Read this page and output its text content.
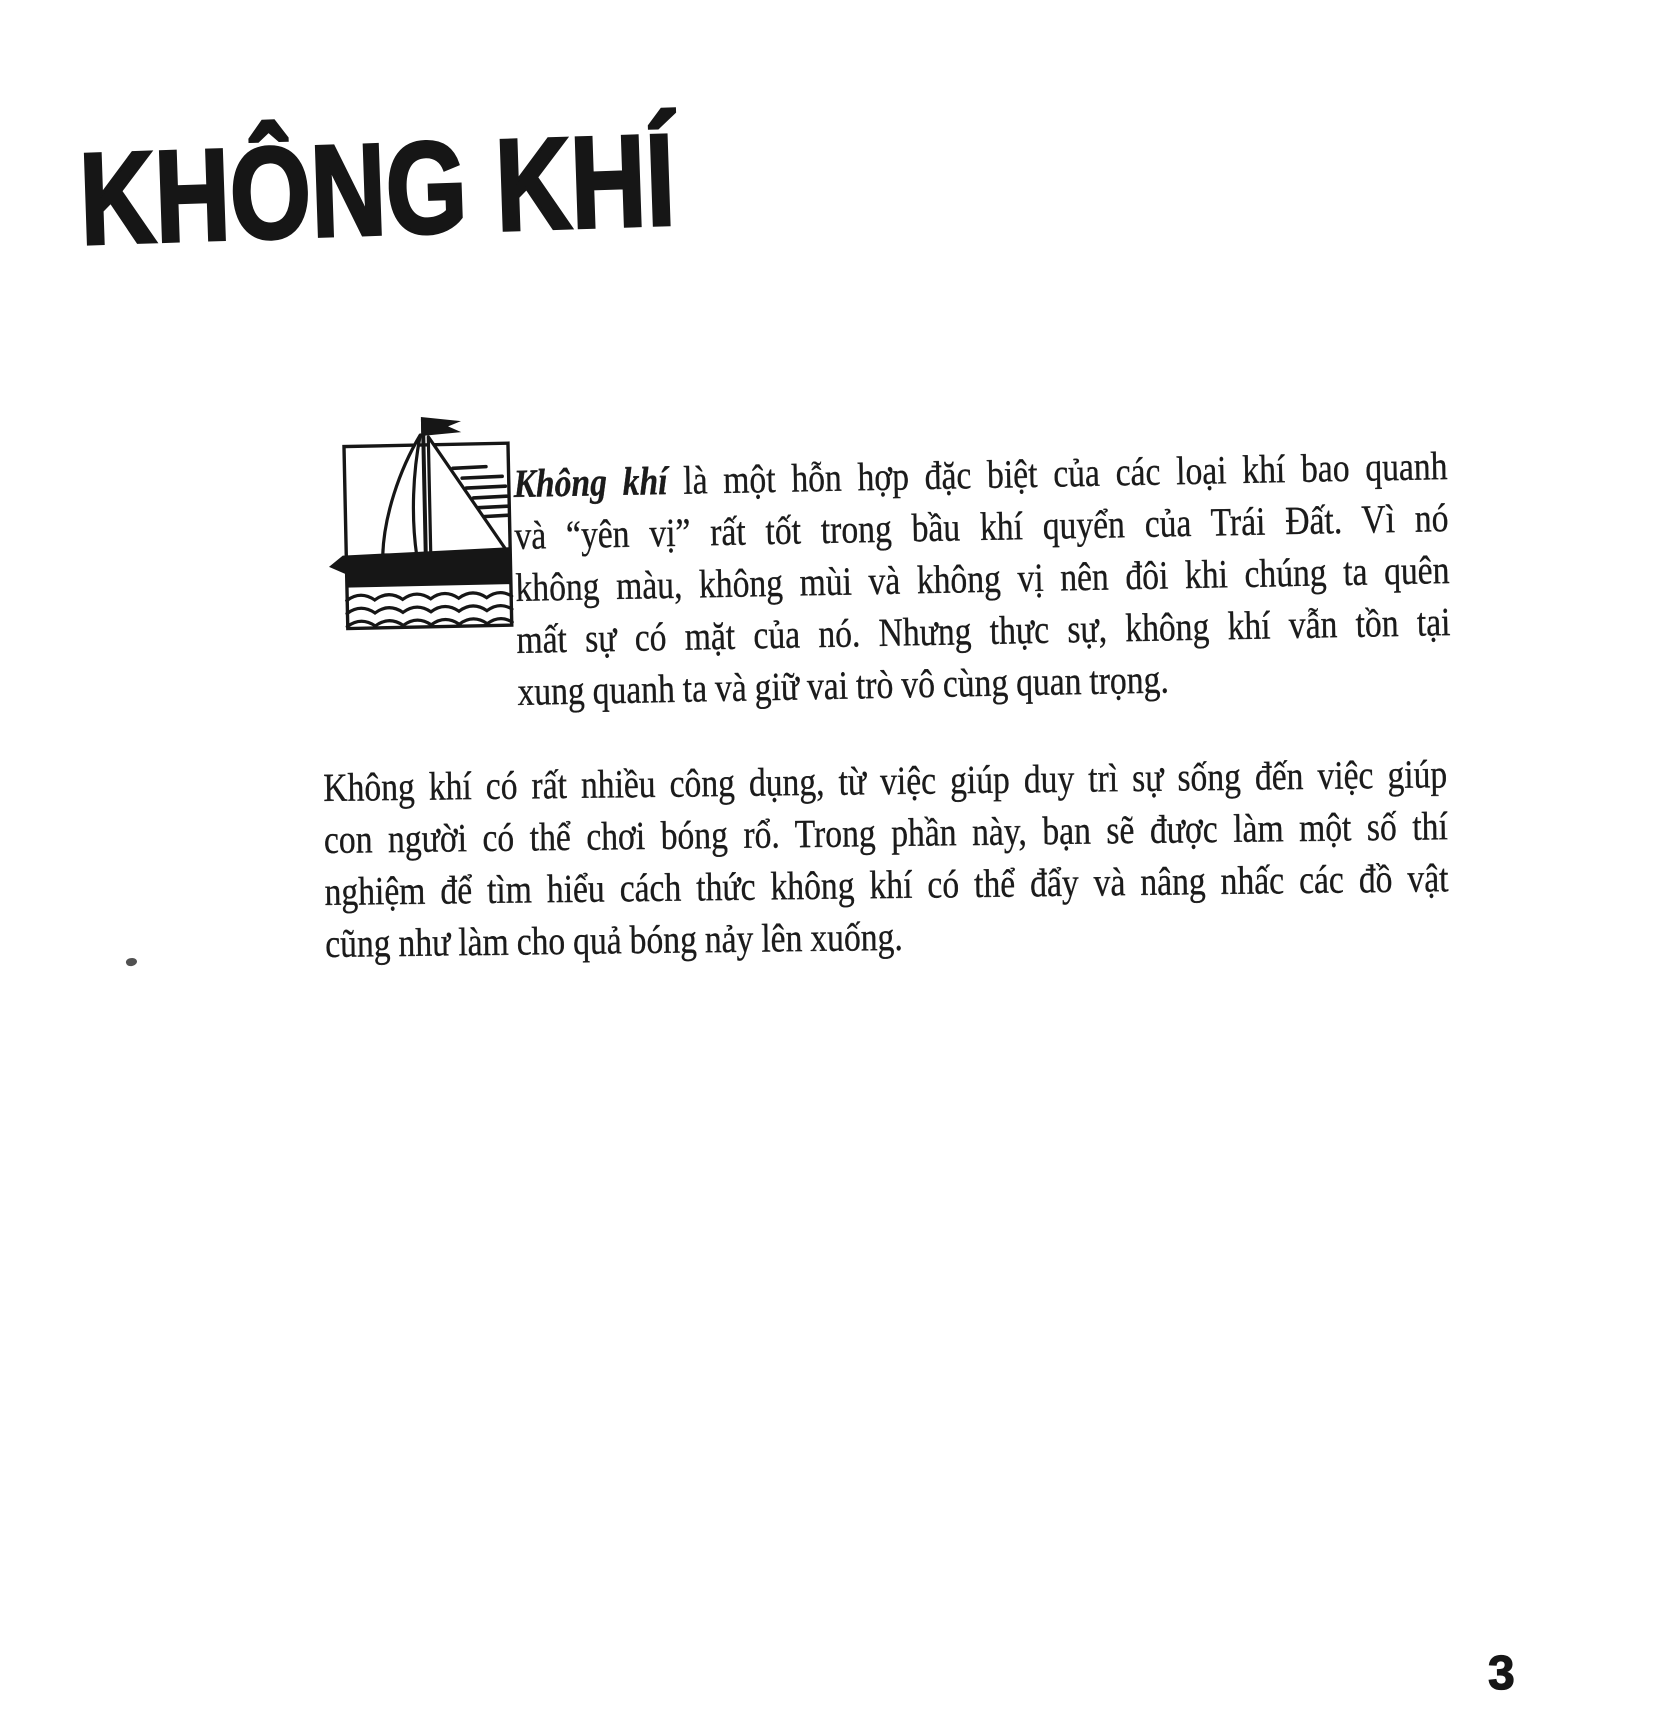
KHÔNG KHÍ
Không khí là một hỗn hợp đặc biệt của các loại khí bao quanh
và “yên vị” rất tốt trong bầu khí quyển của Trái Đất. Vì nó
không màu, không mùi và không vị nên đôi khi chúng ta quên
mất sự có mặt của nó. Nhưng thực sự, không khí vẫn tồn tại
xung quanh ta và giữ vai trò vô cùng quan trọng.
Không khí có rất nhiều công dụng, từ việc giúp duy trì sự sống đến việc giúp
con người có thể chơi bóng rổ. Trong phần này, bạn sẽ được làm một số thí
nghiệm để tìm hiểu cách thức không khí có thể đẩy và nâng nhấc các đồ vật
cũng như làm cho quả bóng nảy lên xuống.
3
